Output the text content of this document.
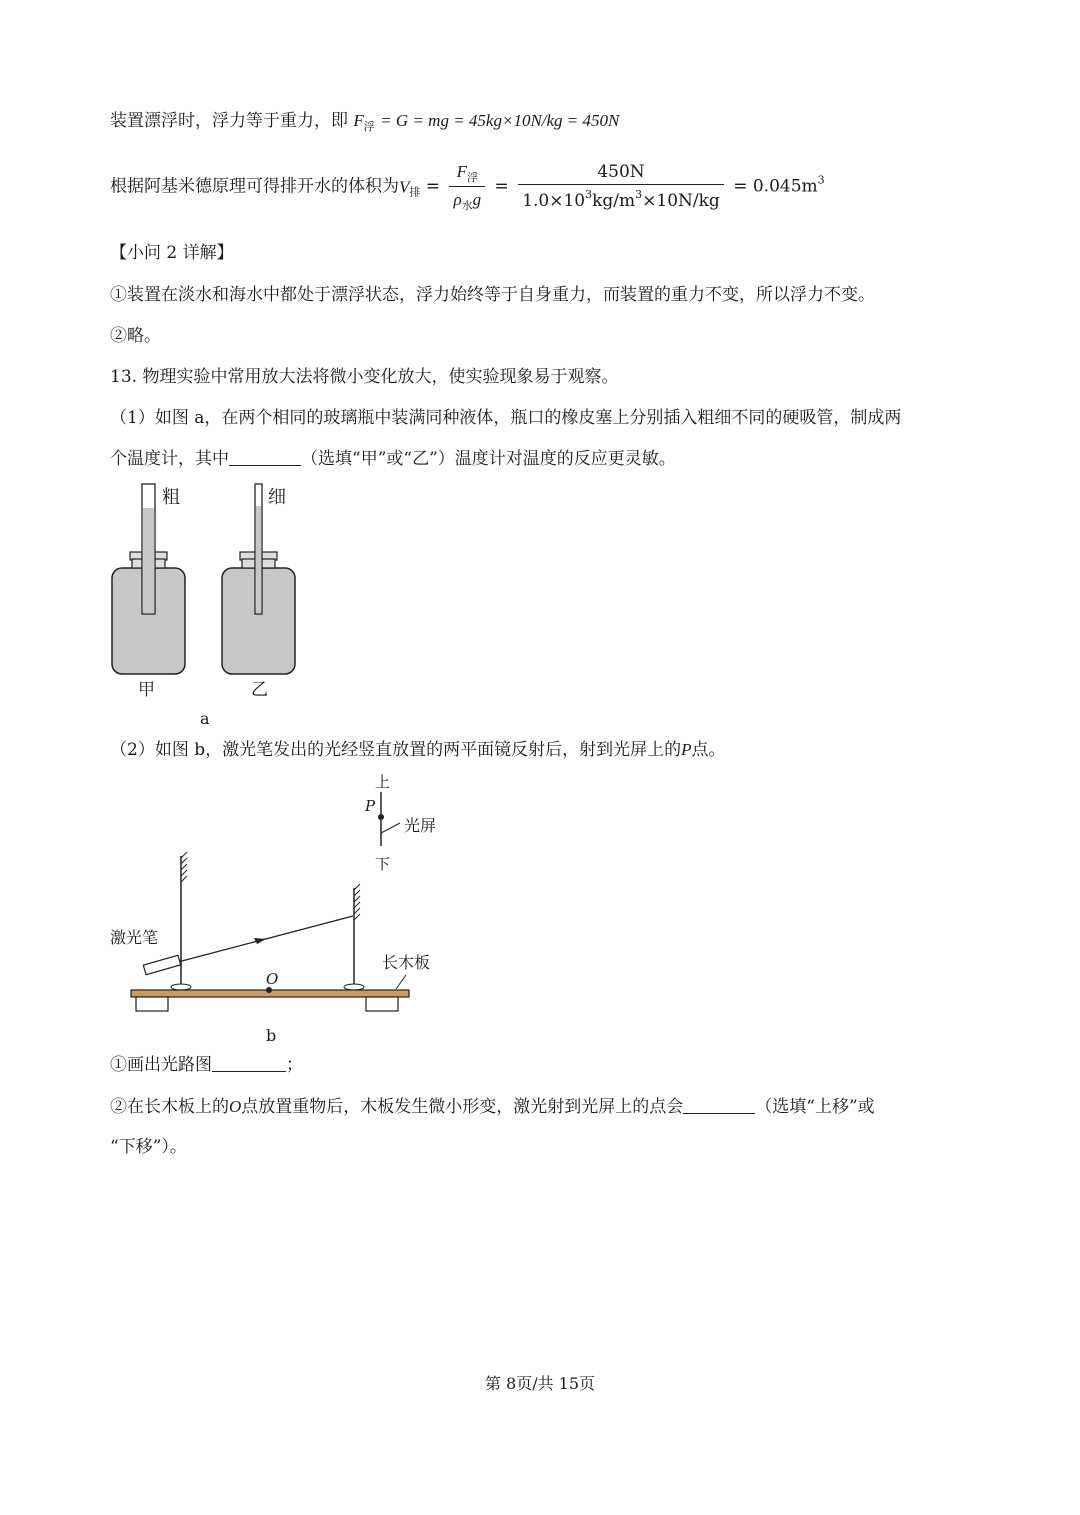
装置漂浮时，浮力等于重力，即 $F_浮 = G$ = mg = 45kg×10N/kg = 450N
根据阿基米德原理可得排开水的体积为$V_排 = \frac{F_浮}{\rho_水g} = \frac{450N}{1.0\times 10^3kg/m^3\times 10N/kg} = 0.045m^3$
【小问 2 详解】
①装置在淡水和海水中都处于漂浮状态，浮力始终等于自身重力，而装置的重力不变，所以浮力不变。
②略。
13. 物理实验中常用放大法将微小变化放大，使实验现象易于观察。
（1）如图 a，在两个相同的玻璃瓶中装满同种液体，瓶口的橡皮塞上分别插入粗细不同的硬吸管，制成两
个温度计，其中	（选填“甲”或“乙”）温度计对温度的反应更灵敏。
粗
甲
细
乙
a
（2）如图 b，激光笔发出的光经竖直放置的两平面镜反射后，射到光屏上的P点。
上
下
P
光屏
激光笔
O
长木板
b
①画出光路图	；
②在长木板上的O点放置重物后，木板发生微小形变，激光射到光屏上的点会	（选填“上移”或
“下移”）。
第 8页/共 15页
